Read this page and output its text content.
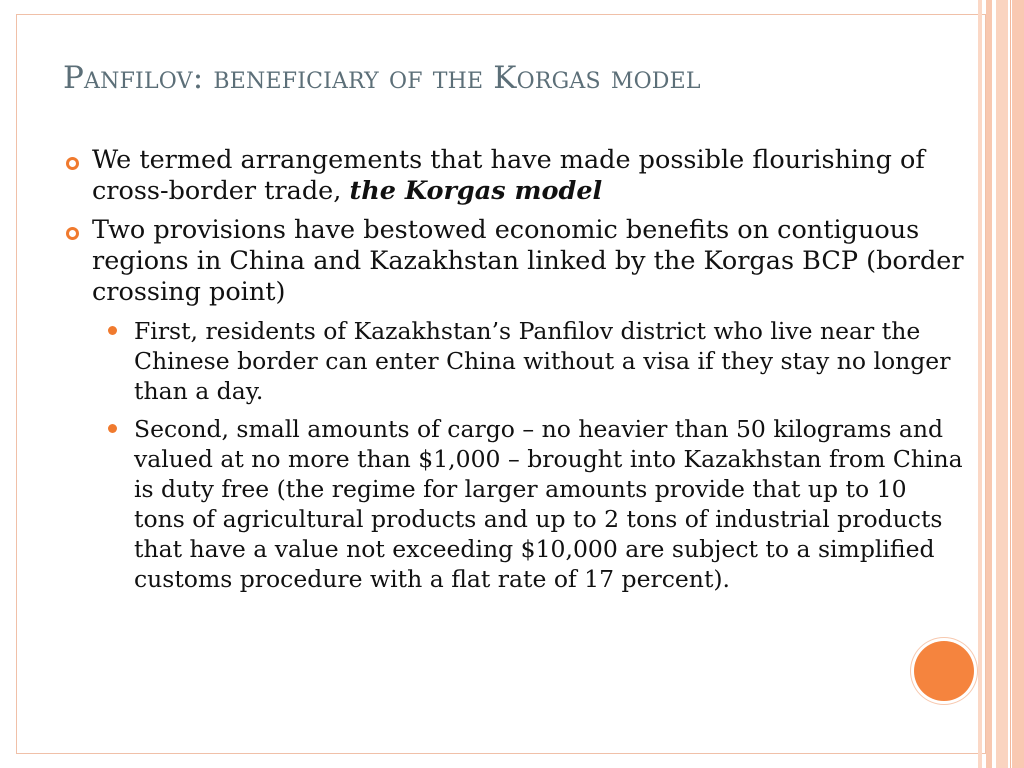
Panfilov: beneficiary of the Korgas model
We termed arrangements that have made possible flourishing of cross-border trade, the Korgas model
Two provisions have bestowed economic benefits on contiguous regions in China and Kazakhstan linked by the Korgas BCP (border crossing point)
First, residents of Kazakhstan’s Panfilov district who live near the Chinese border can enter China without a visa if they stay no longer than a day.
Second, small amounts of cargo – no heavier than 50 kilograms and valued at no more than $1,000 – brought into Kazakhstan from China is duty free (the regime for larger amounts provide that up to 10 tons of agricultural products and up to 2 tons of industrial products that have a value not exceeding $10,000 are subject to a simplified customs procedure with a flat rate of 17 percent).
